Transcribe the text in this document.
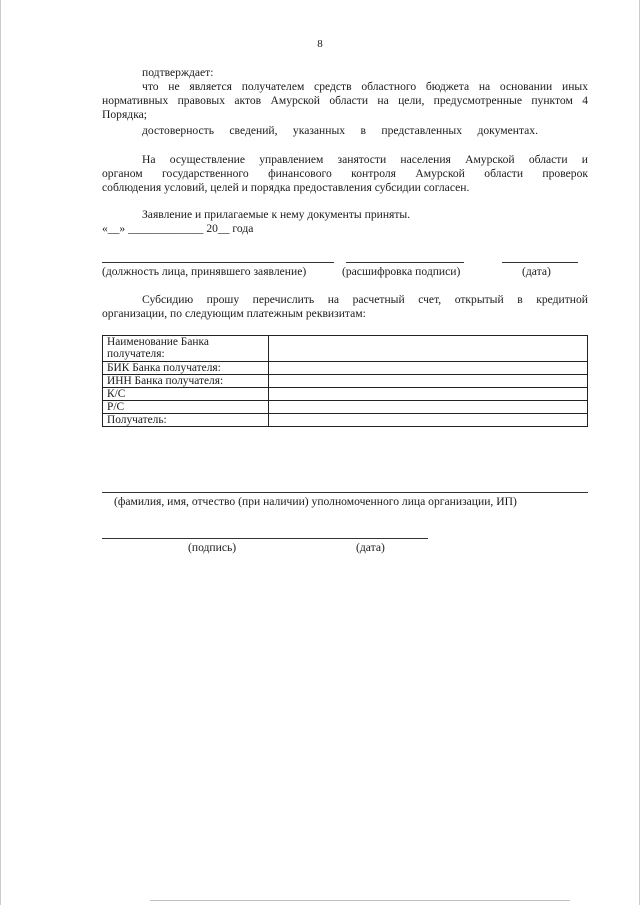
8
подтверждает:
что не является получателем средств областного бюджета на основании иных
нормативных правовых актов Амурской области на цели, предусмотренные пунктом 4
Порядка;
достоверность сведений, указанных в представленных документах.
На осуществление управлением занятости населения Амурской области и
органом государственного финансового контроля Амурской области проверок
соблюдения условий, целей и порядка предоставления субсидии согласен.
Заявление и прилагаемые к нему документы приняты.
«__» _____________ 20__ года
(должность лица, принявшего заявление)	(расшифровка подписи)	(дата)
Субсидию прошу перечислить на расчетный счет, открытый в кредитной
организации, по следующим платежным реквизитам:
Наименование Банка получателя:	
БИК Банка получателя:	
ИНН Банка получателя:	
К/С	
Р/С	
Получатель:	
(фамилия, имя, отчество (при наличии) уполномоченного лица организации, ИП)
(подпись)	(дата)
